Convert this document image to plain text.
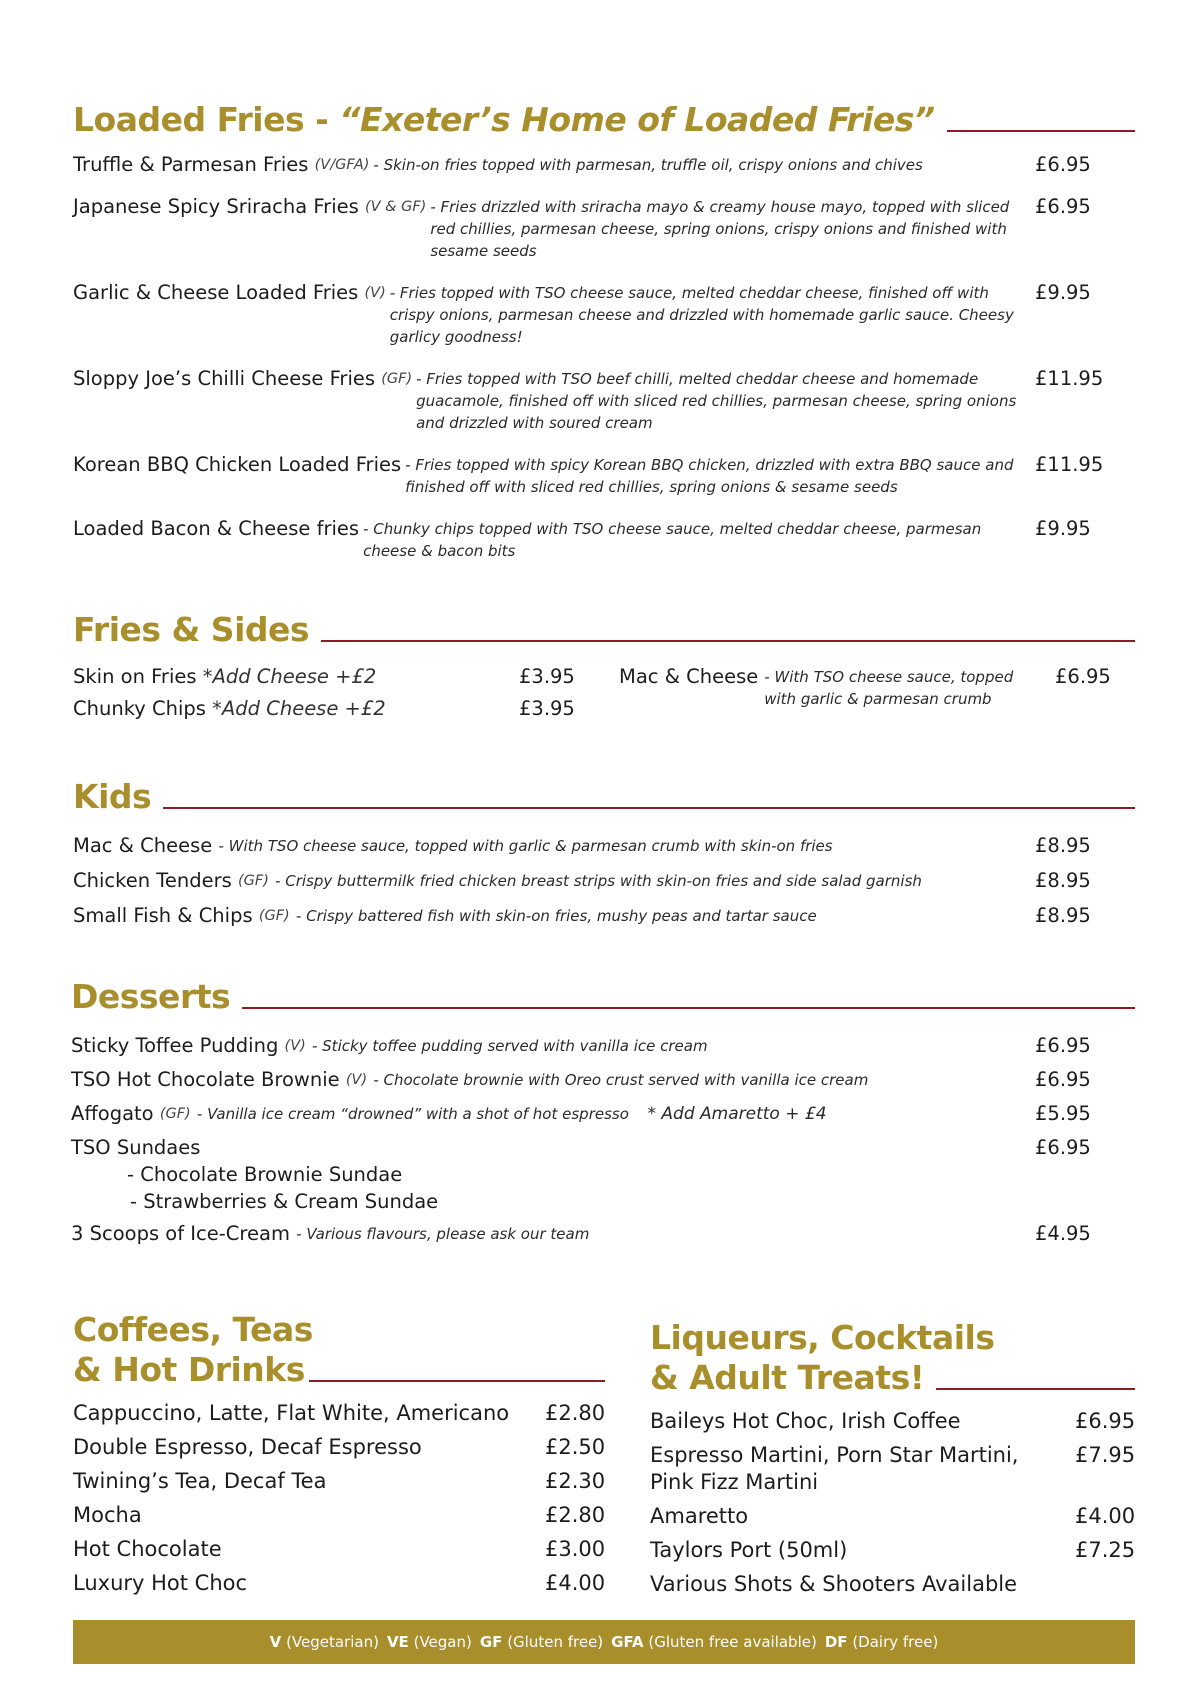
Loaded Fries - “Exeter’s Home of Loaded Fries”
Truffle & Parmesan Fries
(V/GFA) - Skin-on fries topped with parmesan, truffle oil, crispy onions and chives	£6.95
Japanese Spicy Sriracha Fries
(V & GF) - Fries drizzled with sriracha mayo & creamy house mayo, topped with sliced red chillies, parmesan cheese, spring onions, crispy onions and finished with sesame seeds
£6.95
Garlic & Cheese Loaded Fries
(V) - Fries topped with TSO cheese sauce, melted cheddar cheese, finished off with crispy onions, parmesan cheese and drizzled with homemade garlic sauce. Cheesy garlicy goodness!
£9.95
Sloppy Joe’s Chilli Cheese Fries
(GF) - Fries topped with TSO beef chilli, melted cheddar cheese and homemade guacamole, finished off with sliced red chillies, parmesan cheese, spring onions and drizzled with soured cream
£11.95
Korean BBQ Chicken Loaded Fries - Fries topped with spicy Korean BBQ chicken, drizzled with extra BBQ sauce and finished off with sliced red chillies, spring onions & sesame seeds
£11.95
Loaded Bacon & Cheese fries - Chunky chips topped with TSO cheese sauce, melted cheddar cheese, parmesan cheese & bacon bits
£9.95
Fries & Sides
Skin on Fries
*Add Cheese +£2	£3.95
Chunky Chips
*Add Cheese +£2	£3.95
Mac & Cheese - With TSO cheese sauce, topped with garlic & parmesan crumb
£6.95
Kids
Mac & Cheese
- With TSO cheese sauce, topped with garlic & parmesan crumb with skin-on fries	£8.95
Chicken Tenders
(GF)
- Crispy buttermilk fried chicken breast strips with skin-on fries and side salad garnish	£8.95
Small Fish & Chips
(GF)
- Crispy battered fish with skin-on fries, mushy peas and tartar sauce	£8.95
Desserts
Sticky Toffee Pudding
(V)
- Sticky toffee pudding served with vanilla ice cream	£6.95
TSO Hot Chocolate Brownie
(V)
- Chocolate brownie with Oreo crust served with vanilla ice cream	£6.95
Affogato
(GF)
- Vanilla ice cream “drowned” with a shot of hot espresso
* Add Amaretto + £4	£5.95
TSO Sundaes	£6.95
- Chocolate Brownie Sundae
- Strawberries & Cream Sundae
3 Scoops of Ice-Cream
- Various flavours, please ask our team	£4.95
Coffees, Teas
& Hot Drinks
Cappuccino, Latte, Flat White, Americano	£2.80
Double Espresso, Decaf Espresso	£2.50
Twining’s Tea, Decaf Tea	£2.30
Mocha	£2.80
Hot Chocolate	£3.00
Luxury Hot Choc	£4.00
Liqueurs, Cocktails
& Adult Treats!
Baileys Hot Choc, Irish Coffee	£6.95
Espresso Martini, Porn Star Martini, Pink Fizz Martini
£7.95
Amaretto	£4.00
Taylors Port (50ml)	£7.25
Various Shots & Shooters Available
V (Vegetarian) VE (Vegan) GF (Gluten free) GFA (Gluten free available) DF (Dairy free)
